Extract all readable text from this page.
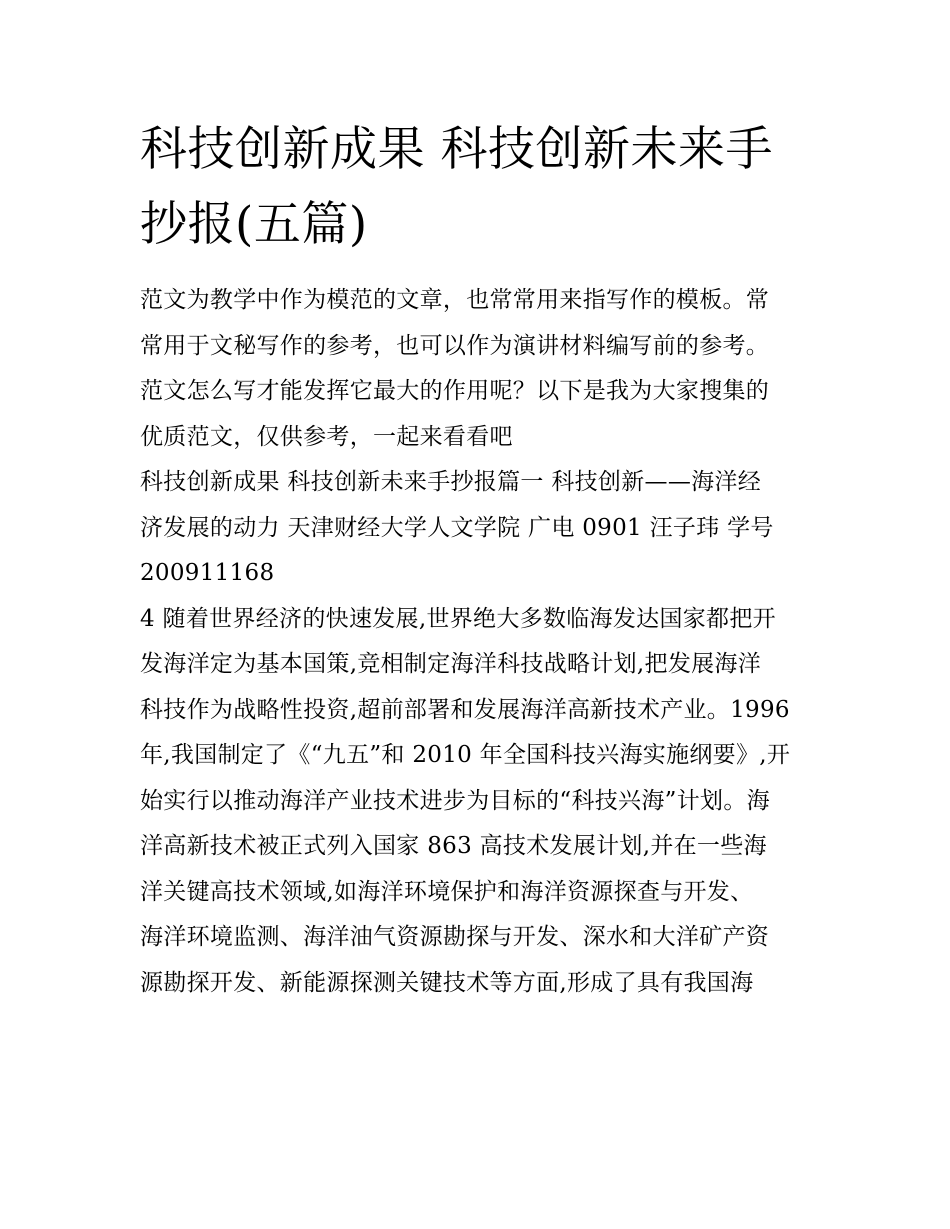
科技创新成果 科技创新未来手
抄报(五篇)

范文为教学中作为模范的文章，也常常用来指写作的模板。常
常用于文秘写作的参考，也可以作为演讲材料编写前的参考。
范文怎么写才能发挥它最大的作用呢？以下是我为大家搜集的
优质范文，仅供参考，一起来看看吧

科技创新成果 科技创新未来手抄报篇一 科技创新——海洋经
济发展的动力 天津财经大学人文学院 广电 0901 汪子玮 学号
200911168

4 随着世界经济的快速发展,世界绝大多数临海发达国家都把开
发海洋定为基本国策,竞相制定海洋科技战略计划,把发展海洋
科技作为战略性投资,超前部署和发展海洋高新技术产业。1996
年,我国制定了《“九五”和 2010 年全国科技兴海实施纲要》,开
始实行以推动海洋产业技术进步为目标的“科技兴海”计划。海
洋高新技术被正式列入国家 863 高技术发展计划,并在一些海
洋关键高技术领域,如海洋环境保护和海洋资源探查与开发、
海洋环境监测、海洋油气资源勘探与开发、深水和大洋矿产资
源勘探开发、新能源探测关键技术等方面,形成了具有我国海
